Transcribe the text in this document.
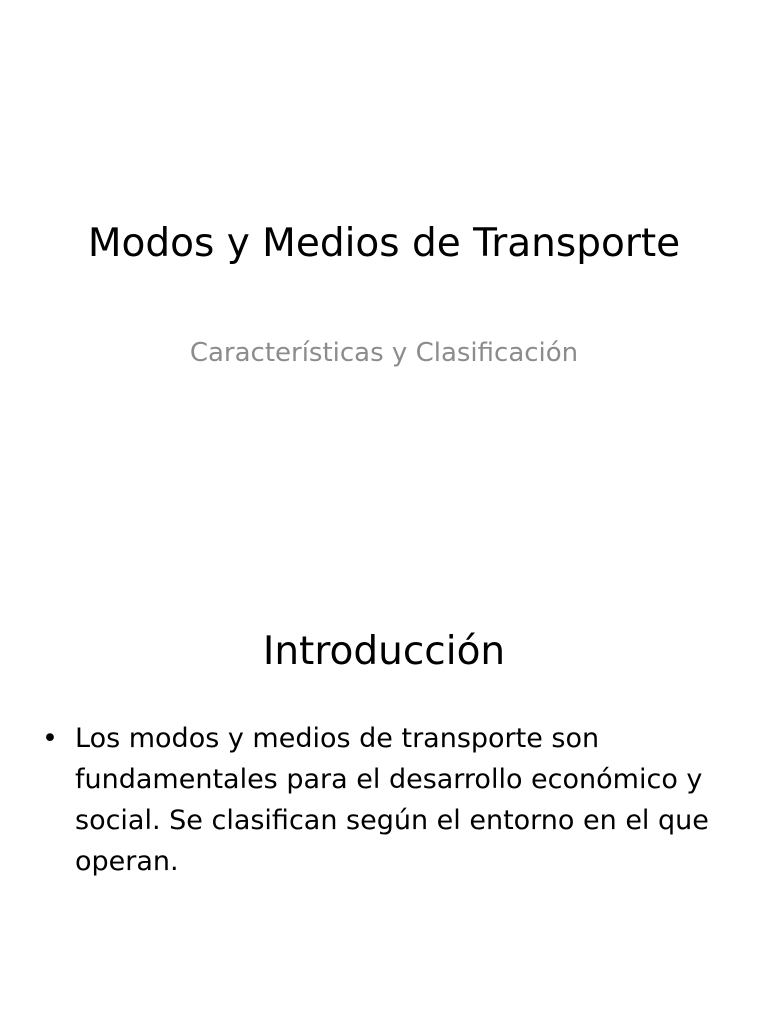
Modos y Medios de Transporte
Características y Clasificación
Introducción
• Los modos y medios de transporte son fundamentales para el desarrollo económico y social. Se clasifican según el entorno en el que operan.
